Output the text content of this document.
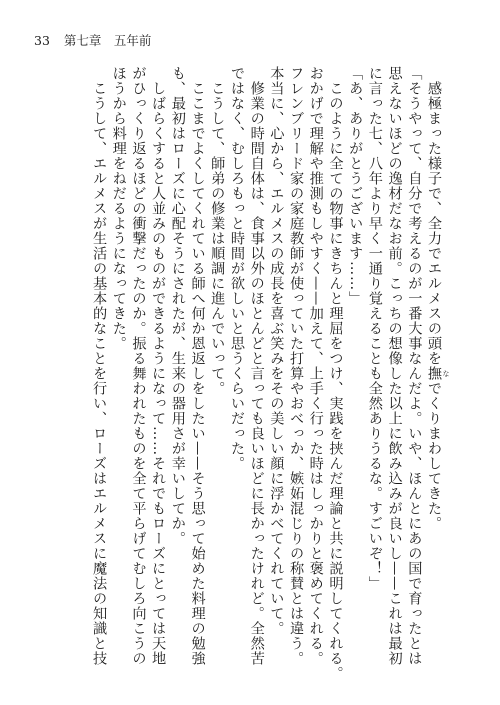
33 第七章　五年前

　感極まった様子で、全力でエルメスの頭を撫 なでくりまわしてきた。

「そうやって、自分で考えるのが一番大事なんだよ。いや、ほんとにあの国で育ったとは

思えないほどの逸材だなお前。こっちの想像した以上に飲み込みが良いし——これは最初

に言った七、八年より早く一通り覚えることも全然ありうるな。すごいぞ！」

「あ、ありがとうございます……」

　このように全ての物事にきちんと理屈をつけ、実践を挟んだ理論と共に説明してくれる。

おかげで理解や推測もしやすく——加えて、上手く行った時はしっかりと褒めてくれる。

フレンブリード家の家庭教師が使っていた打算やおべっか、嫉妬混じりの称賛とは違う。

本当に、心から、エルメスの成長を喜ぶ笑みをその美しい顔に浮かべてくれていて。

　修業の時間自体は、食事以外のほとんどと言っても良いほどに長かったけれど。全然苦

ではなく、むしろもっと時間が欲しいと思うくらいだった。

　こうして、師弟の修業は順調に進んでいって。

　ここまでよくしてくれている師へ何か恩返しをしたい——そう思って始めた料理の勉強

も、最初はローズに心配そうにされたが、生来の器用さが幸いしてか。

　しばらくすると人並みのものができるようになって……それでもローズにとっては天地

がひっくり返るほどの衝撃だったのか。振る舞われたものを全て平らげてむしろ向こうの

ほうから料理をねだるようになってきた。

　こうして、エルメスが生活の基本的なことを行い、ローズはエルメスに魔法の知識と技
